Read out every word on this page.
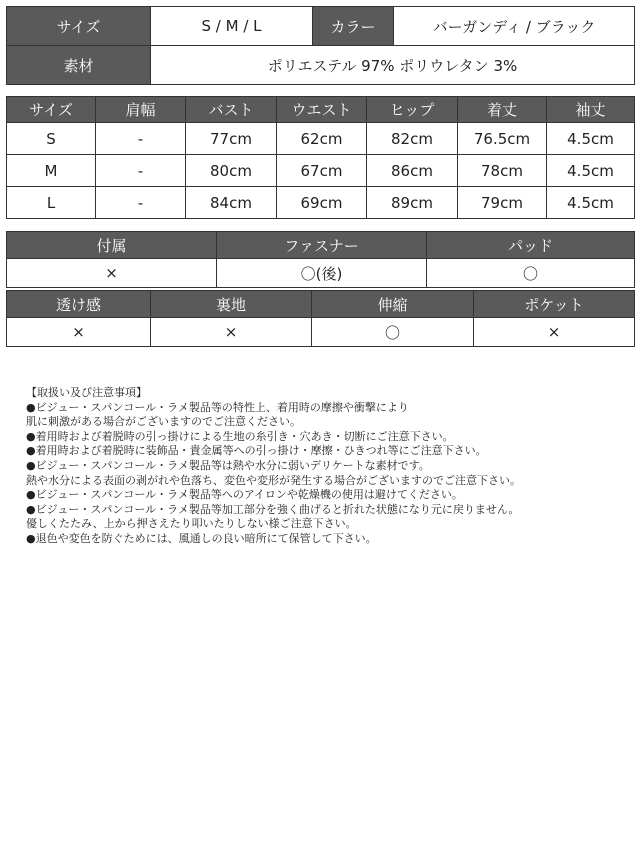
サイズ	S / M / L	カラー	バーガンディ / ブラック
素材	ポリエステル 97% ポリウレタン 3%		
サイズ	肩幅	バスト	ウエスト	ヒップ	着丈	袖丈
S	-	77cm	62cm	82cm	76.5cm	4.5cm
M	-	80cm	67cm	86cm	78cm	4.5cm
L	-	84cm	69cm	89cm	79cm	4.5cm
付属	ファスナー	パッド
×	〇(後)	〇
透け感	裏地	伸縮	ポケット
×	×	〇	×
【取扱い及び注意事項】
●ビジュー・スパンコール・ラメ製品等の特性上、着用時の摩擦や衝撃により
肌に刺激がある場合がございますのでご注意ください。
●着用時および着脱時の引っ掛けによる生地の糸引き・穴あき・切断にご注意下さい。
●着用時および着脱時に装飾品・貴金属等への引っ掛け・摩擦・ひきつれ等にご注意下さい。
●ビジュー・スパンコール・ラメ製品等は熱や水分に弱いデリケートな素材です。
熱や水分による表面の剥がれや色落ち、変色や変形が発生する場合がございますのでご注意下さい。
●ビジュー・スパンコール・ラメ製品等へのアイロンや乾燥機の使用は避けてください。
●ビジュー・スパンコール・ラメ製品等加工部分を強く曲げると折れた状態になり元に戻りません。
優しくたたみ、上から押さえたり叩いたりしない様ご注意下さい。
●退色や変色を防ぐためには、風通しの良い暗所にて保管して下さい。
